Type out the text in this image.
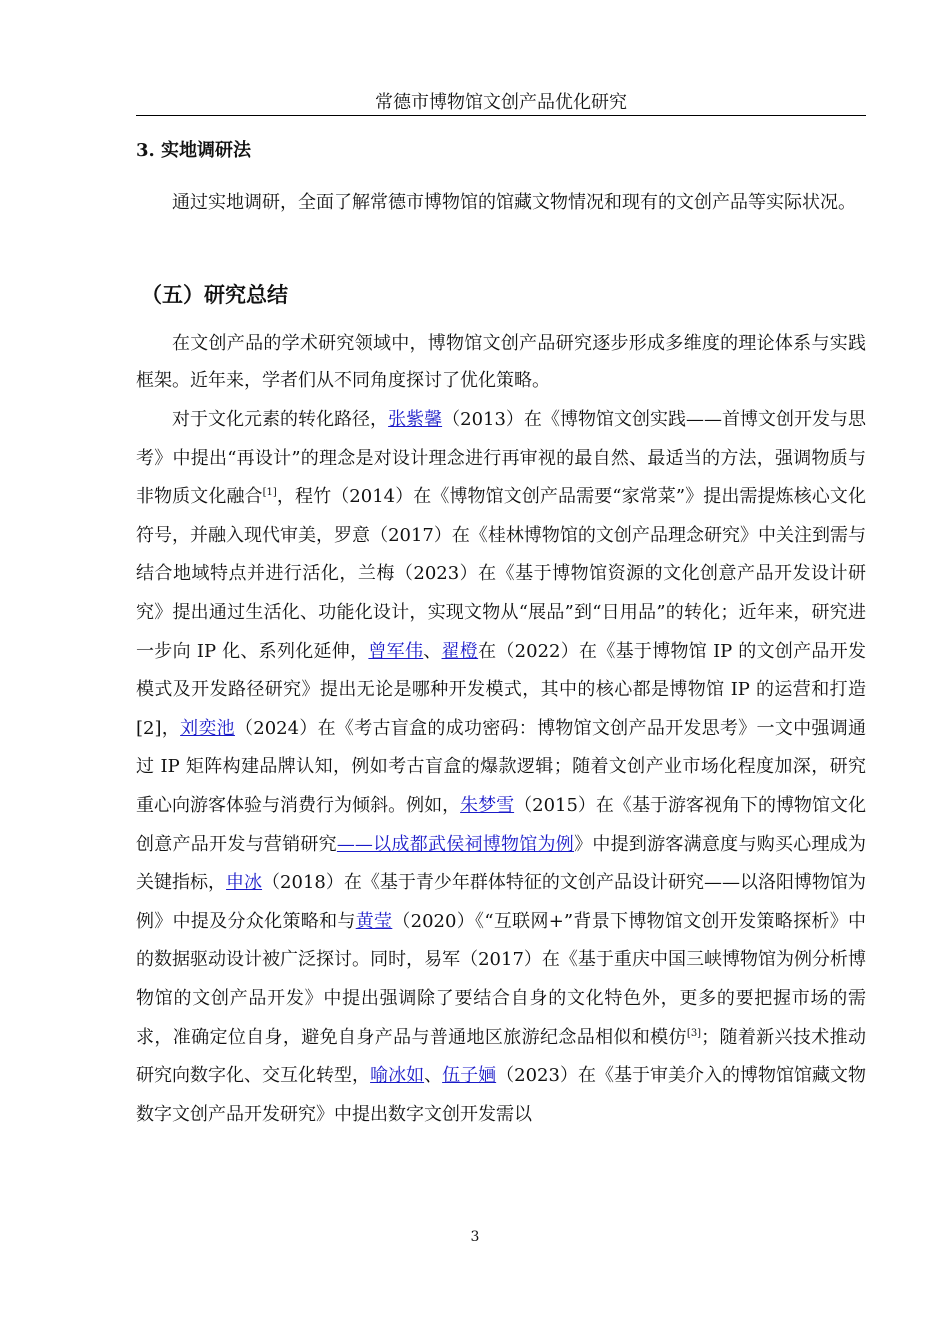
常德市博物馆文创产品优化研究
3. 实地调研法

通过实地调研，全面了解常德市博物馆的馆藏文物情况和现有的文创产品等实际状况。

（五）研究总结

在文创产品的学术研究领域中，博物馆文创产品研究逐步形成多维度的理论体系与实践框架。近年来，学者们从不同角度探讨了优化策略。

对于文化元素的转化路径，张紫馨（2013）在《博物馆文创实践——首博文创开发与思考》中提出“再设计”的理念是对设计理念进行再审视的最自然、最适当的方法，强调物质与非物质文化融合[1]，程竹（2014）在《博物馆文创产品需要“家常菜”》提出需提炼核心文化符号，并融入现代审美，罗意（2017）在《桂林博物馆的文创产品理念研究》中关注到需与结合地域特点并进行活化，兰梅（2023）在《基于博物馆资源的文化创意产品开发设计研究》提出通过生活化、功能化设计，实现文物从“展品”到“日用品”的转化；近年来，研究进一步向 IP 化、系列化延伸，曾军伟、翟橙在（2022）在《基于博物馆 IP 的文创产品开发模式及开发路径研究》提出无论是哪种开发模式，其中的核心都是博物馆 IP 的运营和打造[2]，刘奕池（2024）在《考古盲盒的成功密码：博物馆文创产品开发思考》一文中强调通过 IP 矩阵构建品牌认知，例如考古盲盒的爆款逻辑；随着文创产业市场化程度加深，研究重心向游客体验与消费行为倾斜。例如，朱梦雪（2015）在《基于游客视角下的博物馆文化创意产品开发与营销研究——以成都武侯祠博物馆为例》中提到游客满意度与购买心理成为关键指标，申冰（2018）在《基于青少年群体特征的文创产品设计研究——以洛阳博物馆为例》中提及分众化策略和与黄莹（2020）《“互联网+”背景下博物馆文创开发策略探析》中的数据驱动设计被广泛探讨。同时，易军（2017）在《基于重庆中国三峡博物馆为例分析博物馆的文创产品开发》中提出强调除了要结合自身的文化特色外，更多的要把握市场的需求，准确定位自身，避免自身产品与普通地区旅游纪念品相似和模仿[3]；随着新兴技术推动研究向数字化、交互化转型，喻冰如、伍子婳（2023）在《基于审美介入的博物馆馆藏文物数字文创产品开发研究》中提出数字文创开发需以

3
